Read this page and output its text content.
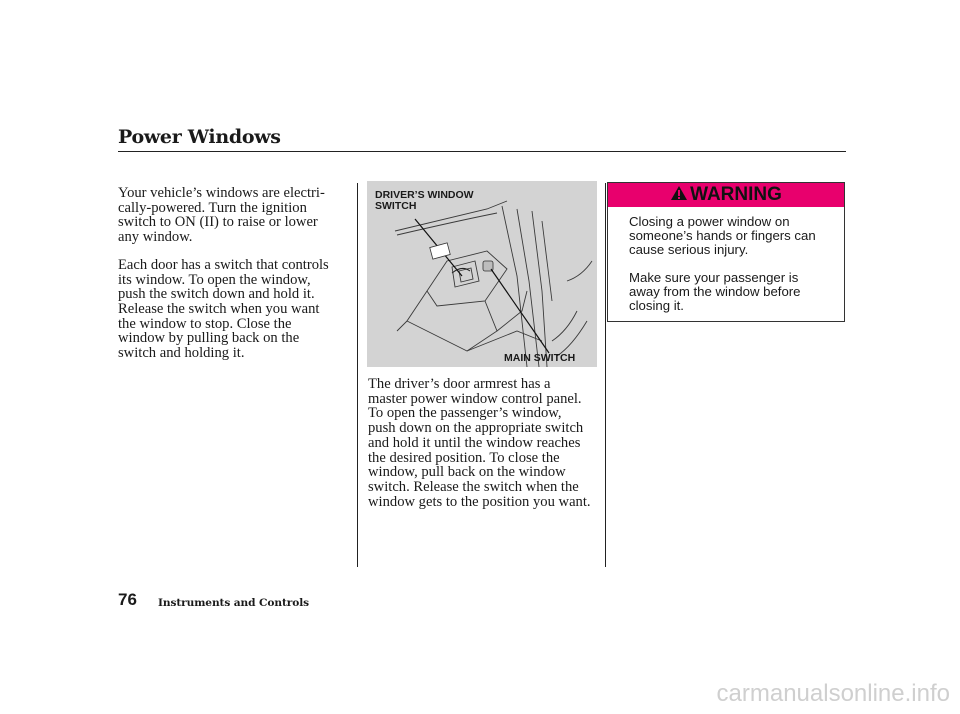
Power Windows

Your vehicle’s windows are electri-
cally-powered. Turn the ignition
switch to ON (II) to raise or lower
any window.

Each door has a switch that controls
its window. To open the window,
push the switch down and hold it.
Release the switch when you want
the window to stop. Close the
window by pulling back on the
switch and holding it.

DRIVER’S WINDOW
SWITCH
MAIN SWITCH

The driver’s door armrest has a
master power window control panel.
To open the passenger’s window,
push down on the appropriate switch
and hold it until the window reaches
the desired position. To close the
window, pull back on the window
switch. Release the switch when the
window gets to the position you want.

WARNING

Closing a power window on
someone’s hands or fingers can
cause serious injury.

Make sure your passenger is
away from the window before
closing it.

76 Instruments and Controls
carmanualsonline.info
